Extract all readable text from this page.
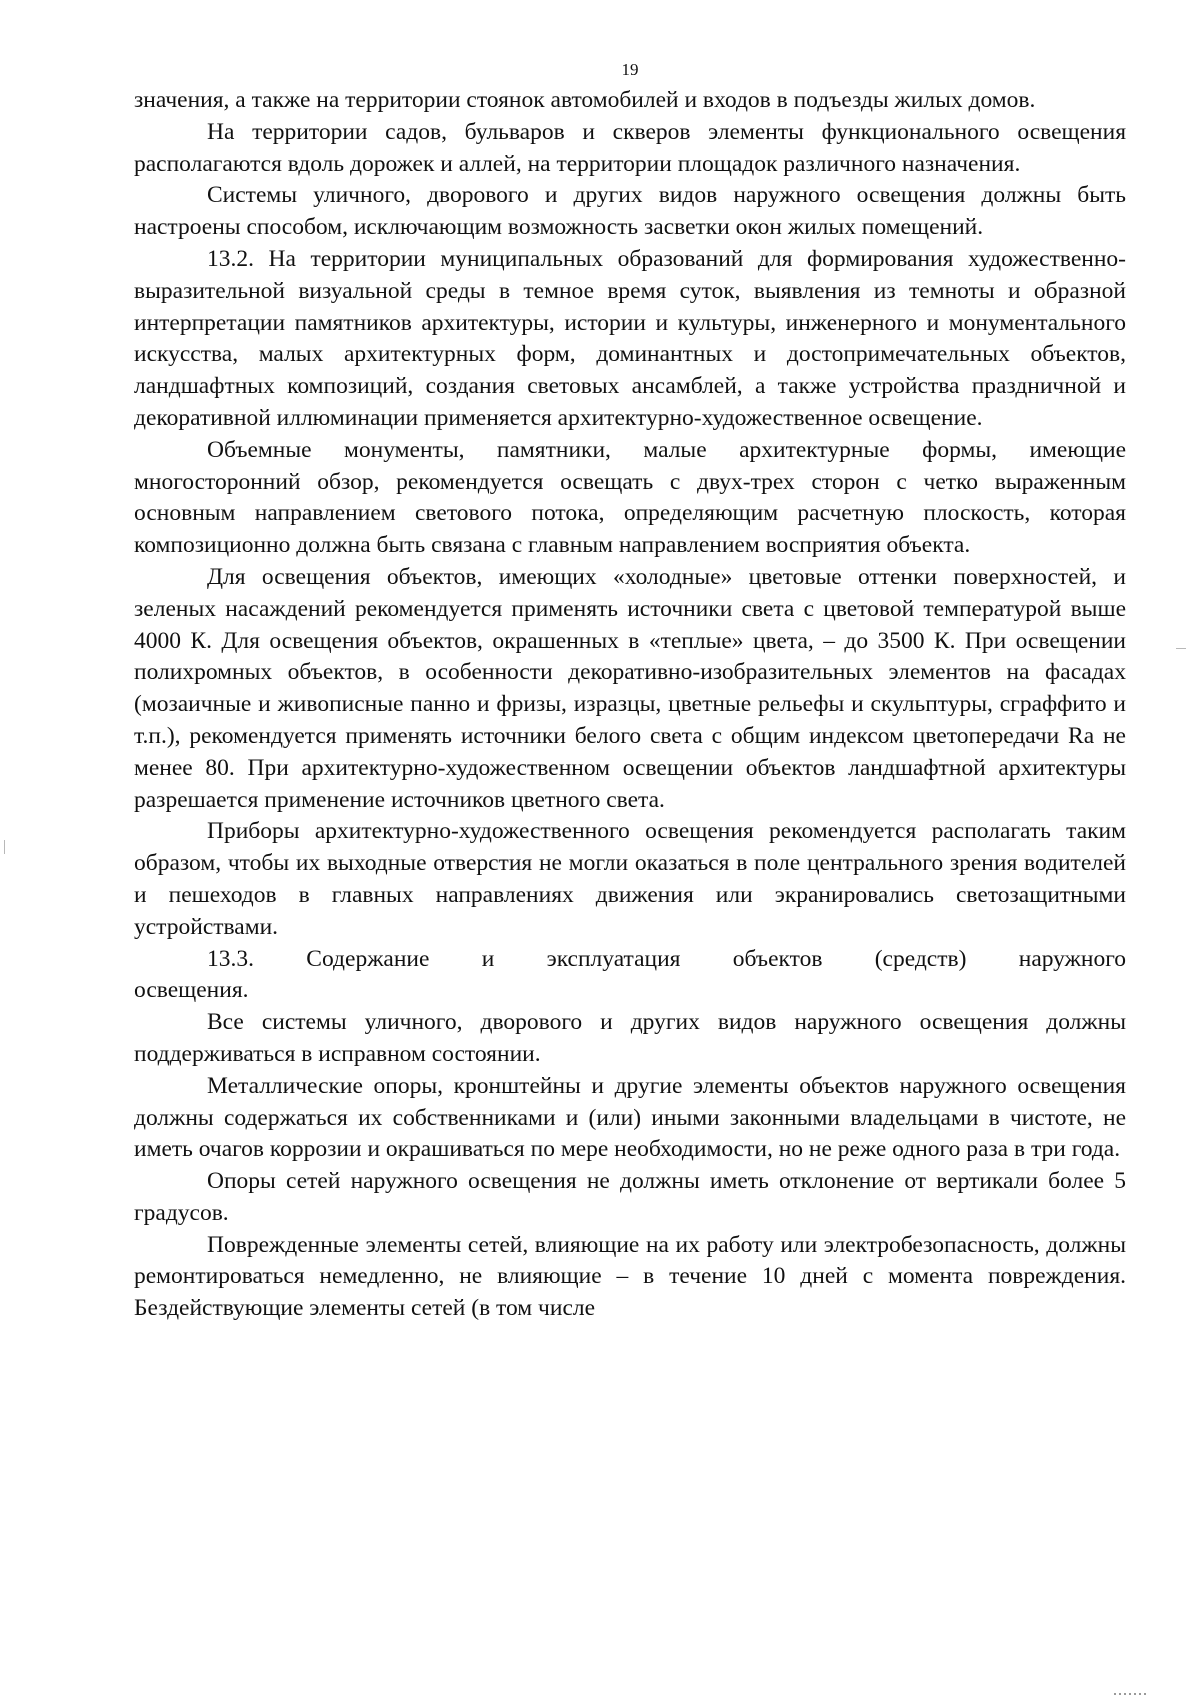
19

значения, а также на территории стоянок автомобилей и входов в подъезды жилых домов.

На территории садов, бульваров и скверов элементы функционального освещения располагаются вдоль дорожек и аллей, на территории площадок различного назначения.

Системы уличного, дворового и других видов наружного освещения должны быть настроены способом, исключающим возможность засветки окон жилых помещений.

13.2. На территории муниципальных образований для формирования художественно-выразительной визуальной среды в темное время суток, выявления из темноты и образной интерпретации памятников архитектуры, истории и культуры, инженерного и монументального искусства, малых архитектурных форм, доминантных и достопримечательных объектов, ландшафтных композиций, создания световых ансамблей, а также устройства праздничной и декоративной иллюминации применяется архитектурно-художественное освещение.

Объемные монументы, памятники, малые архитектурные формы, имеющие многосторонний обзор, рекомендуется освещать с двух-трех сторон с четко выраженным основным направлением светового потока, определяющим расчетную плоскость, которая композиционно должна быть связана с главным направлением восприятия объекта.

Для освещения объектов, имеющих «холодные» цветовые оттенки поверхностей, и зеленых насаждений рекомендуется применять источники света с цветовой температурой выше 4000 К. Для освещения объектов, окрашенных в «теплые» цвета, – до 3500 К. При освещении полихромных объектов, в особенности декоративно-изобразительных элементов на фасадах (мозаичные и живописные панно и фризы, изразцы, цветные рельефы и скульптуры, сграффито и т.п.), рекомендуется применять источники белого света с общим индексом цветопередачи Ra не менее 80. При архитектурно-художественном освещении объектов ландшафтной архитектуры разрешается применение источников цветного света.

Приборы архитектурно-художественного освещения рекомендуется располагать таким образом, чтобы их выходные отверстия не могли оказаться в поле центрального зрения водителей и пешеходов в главных направлениях движения или экранировались светозащитными устройствами.

13.3. Содержание и эксплуатация объектов (средств) наружного

освещения.

Все системы уличного, дворового и других видов наружного освещения должны поддерживаться в исправном состоянии.

Металлические опоры, кронштейны и другие элементы объектов наружного освещения должны содержаться их собственниками и (или) иными законными владельцами в чистоте, не иметь очагов коррозии и окрашиваться по мере необходимости, но не реже одного раза в три года.

Опоры сетей наружного освещения не должны иметь отклонение от вертикали более 5 градусов.

Поврежденные элементы сетей, влияющие на их работу или электробезопасность, должны ремонтироваться немедленно, не влияющие – в течение 10 дней с момента повреждения. Бездействующие элементы сетей (в том числе
